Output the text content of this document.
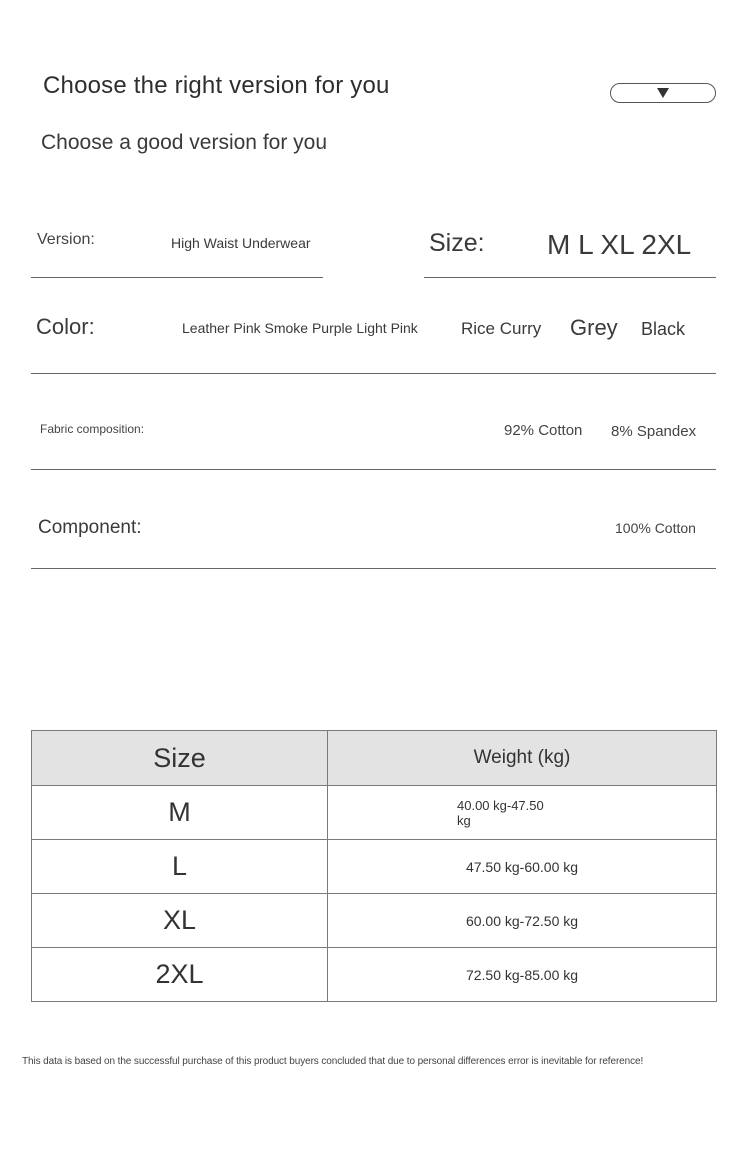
Choose the right version for you
Choose a good version for you
Version:	High Waist Underwear	Size: M L XL 2XL
Color:	Leather Pink Smoke Purple Light Pink	Rice Curry Grey Black
Fabric composition:	92% Cotton 8% Spandex
Component:	100% Cotton
Size	Weight (kg)
M	40.00 kg-47.50 kg
L	47.50 kg-60.00 kg
XL	60.00 kg-72.50 kg
2XL	72.50 kg-85.00 kg
This data is based on the successful purchase of this product buyers concluded that due to personal differences error is inevitable for reference!
